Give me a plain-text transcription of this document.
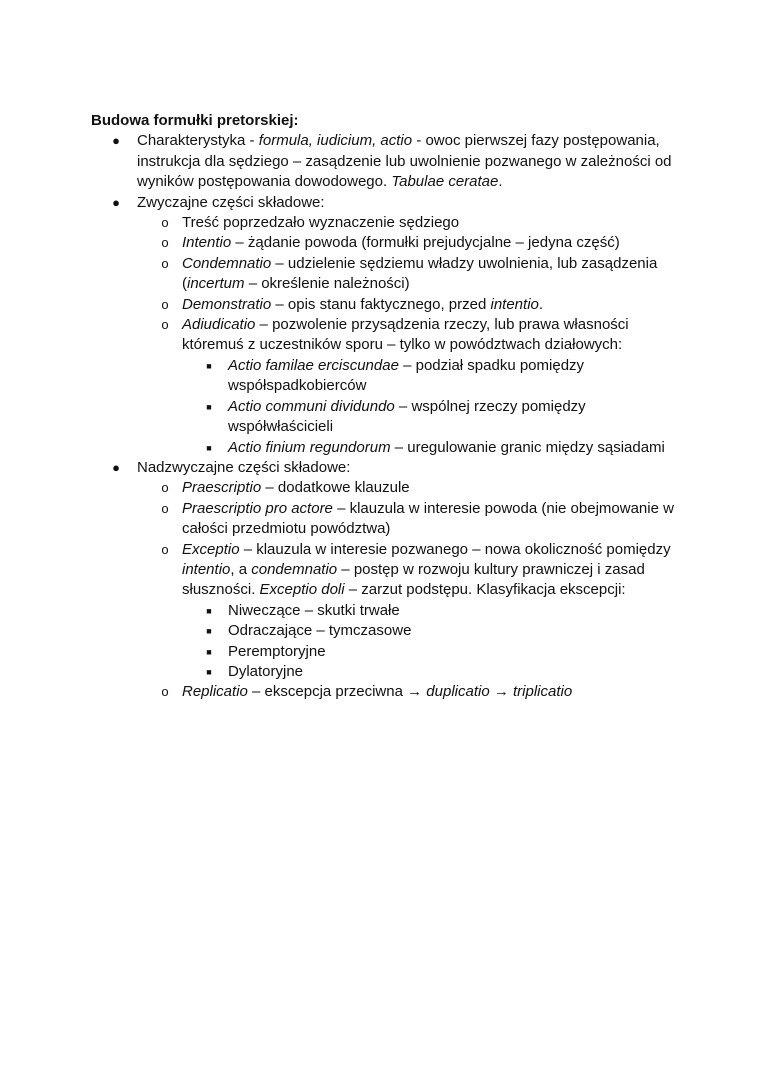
Budowa formułki pretorskiej:

● Charakterystyka - formula, iudicium, actio - owoc pierwszej fazy postępowania, instrukcja dla sędziego – zasądzenie lub uwolnienie pozwanego w zależności od wyników postępowania dowodowego. Tabulae ceratae.
● Zwyczajne części składowe:
o Treść poprzedzało wyznaczenie sędziego
o Intentio – żądanie powoda (formułki prejudycjalne – jedyna część)
o Condemnatio – udzielenie sędziemu władzy uwolnienia, lub zasądzenia (incertum – określenie należności)
o Demonstratio – opis stanu faktycznego, przed intentio.
o Adiudicatio – pozwolenie przysądzenia rzeczy, lub prawa własności któremuś z uczestników sporu – tylko w powództwach działowych:
■ Actio familae erciscundae – podział spadku pomiędzy współspadkobierców
■ Actio communi dividundo – wspólnej rzeczy pomiędzy współwłaścicieli
■ Actio finium regundorum – uregulowanie granic między sąsiadami
● Nadzwyczajne części składowe:
o Praescriptio – dodatkowe klauzule
o Praescriptio pro actore – klauzula w interesie powoda (nie obejmowanie w całości przedmiotu powództwa)
o Exceptio – klauzula w interesie pozwanego – nowa okoliczność pomiędzy intentio, a condemnatio – postęp w rozwoju kultury prawniczej i zasad słuszności. Exceptio doli – zarzut podstępu. Klasyfikacja ekscepcji:
■ Niweczące – skutki trwałe
■ Odraczające – tymczasowe
■ Peremptoryjne
■ Dylatoryjne
o Replicatio – ekscepcja przeciwna → duplicatio → triplicatio
